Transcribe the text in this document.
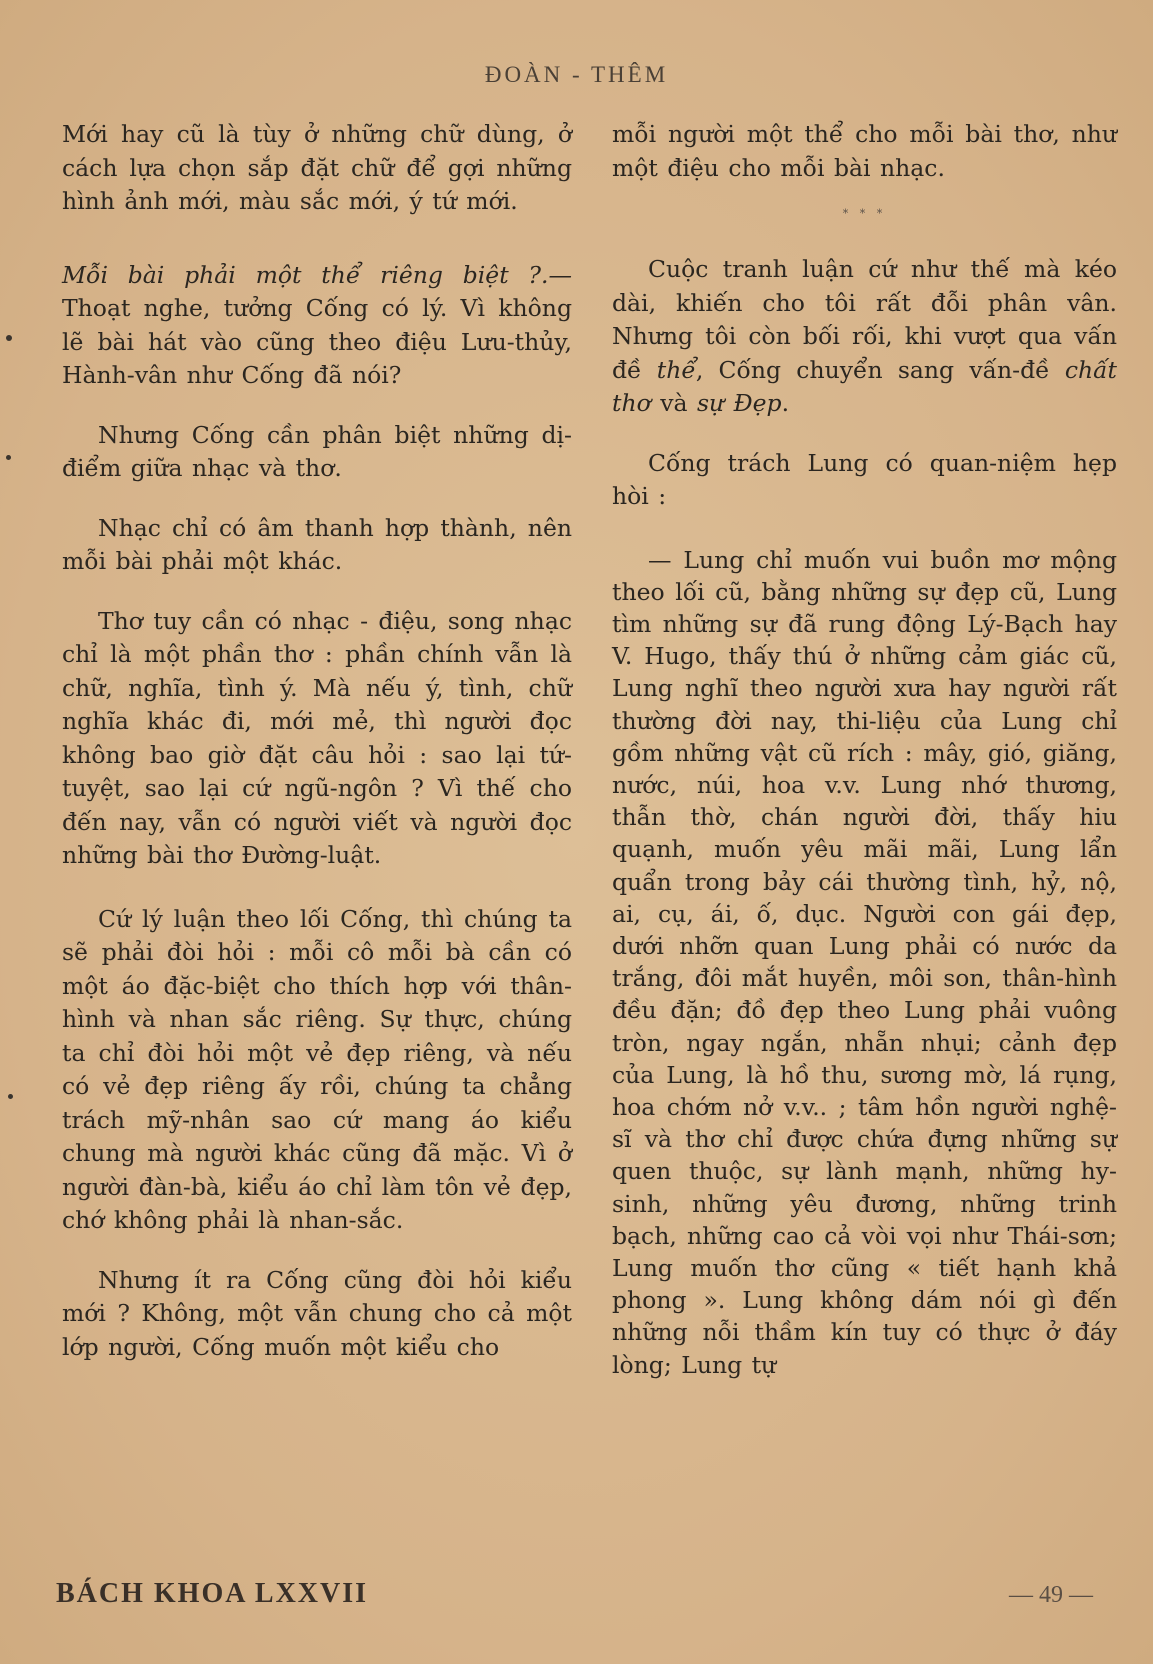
ĐOÀN - THÊM

Mới hay cũ là tùy ở những chữ dùng, ở cách lựa chọn sắp đặt chữ để gợi những hình ảnh mới, màu sắc mới, ý tứ mới.

Mỗi bài phải một thể riêng biệt ?.— Thoạt nghe, tưởng Cống có lý. Vì không lẽ bài hát vào cũng theo điệu Lưu-thủy, Hành-vân như Cống đã nói?

Nhưng Cống cần phân biệt những dị-điểm giữa nhạc và thơ.

Nhạc chỉ có âm thanh hợp thành, nên mỗi bài phải một khác.

Thơ tuy cần có nhạc - điệu, song nhạc chỉ là một phần thơ : phần chính vẫn là chữ, nghĩa, tình ý. Mà nếu ý, tình, chữ nghĩa khác đi, mới mẻ, thì người đọc không bao giờ đặt câu hỏi : sao lại tứ-tuyệt, sao lại cứ ngũ-ngôn ? Vì thế cho đến nay, vẫn có người viết và người đọc những bài thơ Đường-luật.

Cứ lý luận theo lối Cống, thì chúng ta sẽ phải đòi hỏi : mỗi cô mỗi bà cần có một áo đặc-biệt cho thích hợp với thân-hình và nhan sắc riêng. Sự thực, chúng ta chỉ đòi hỏi một vẻ đẹp riêng, và nếu có vẻ đẹp riêng ấy rồi, chúng ta chẳng trách mỹ-nhân sao cứ mang áo kiểu chung mà người khác cũng đã mặc. Vì ở người đàn-bà, kiểu áo chỉ làm tôn vẻ đẹp, chớ không phải là nhan-sắc.

Nhưng ít ra Cống cũng đòi hỏi kiểu mới ? Không, một vẫn chung cho cả một lớp người, Cống muốn một kiểu cho

mỗi người một thể cho mỗi bài thơ, như một điệu cho mỗi bài nhạc.

* * *

Cuộc tranh luận cứ như thế mà kéo dài, khiến cho tôi rất đỗi phân vân. Nhưng tôi còn bối rối, khi vượt qua vấn đề thể, Cống chuyển sang vấn-đề chất thơ và sự Đẹp.

Cống trách Lung có quan-niệm hẹp hòi :

— Lung chỉ muốn vui buồn mơ mộng theo lối cũ, bằng những sự đẹp cũ, Lung tìm những sự đã rung động Lý-Bạch hay V. Hugo, thấy thú ở những cảm giác cũ, Lung nghĩ theo người xưa hay người rất thường đời nay, thi-liệu của Lung chỉ gồm những vật cũ rích : mây, gió, giăng, nước, núi, hoa v.v. Lung nhớ thương, thẫn thờ, chán người đời, thấy hiu quạnh, muốn yêu mãi mãi, Lung lẩn quẩn trong bảy cái thường tình, hỷ, nộ, ai, cụ, ái, ố, dục. Người con gái đẹp, dưới nhỡn quan Lung phải có nước da trắng, đôi mắt huyền, môi son, thân-hình đều đặn; đồ đẹp theo Lung phải vuông tròn, ngay ngắn, nhẵn nhụi; cảnh đẹp của Lung, là hồ thu, sương mờ, lá rụng, hoa chớm nở v.v.. ; tâm hồn người nghệ-sĩ và thơ chỉ được chứa đựng những sự quen thuộc, sự lành mạnh, những hy-sinh, những yêu đương, những trinh bạch, những cao cả vòi vọi như Thái-sơn; Lung muốn thơ cũng « tiết hạnh khả phong ». Lung không dám nói gì đến những nỗi thầm kín tuy có thực ở đáy lòng; Lung tự

BÁCH KHOA LXXVII	— 49 —
